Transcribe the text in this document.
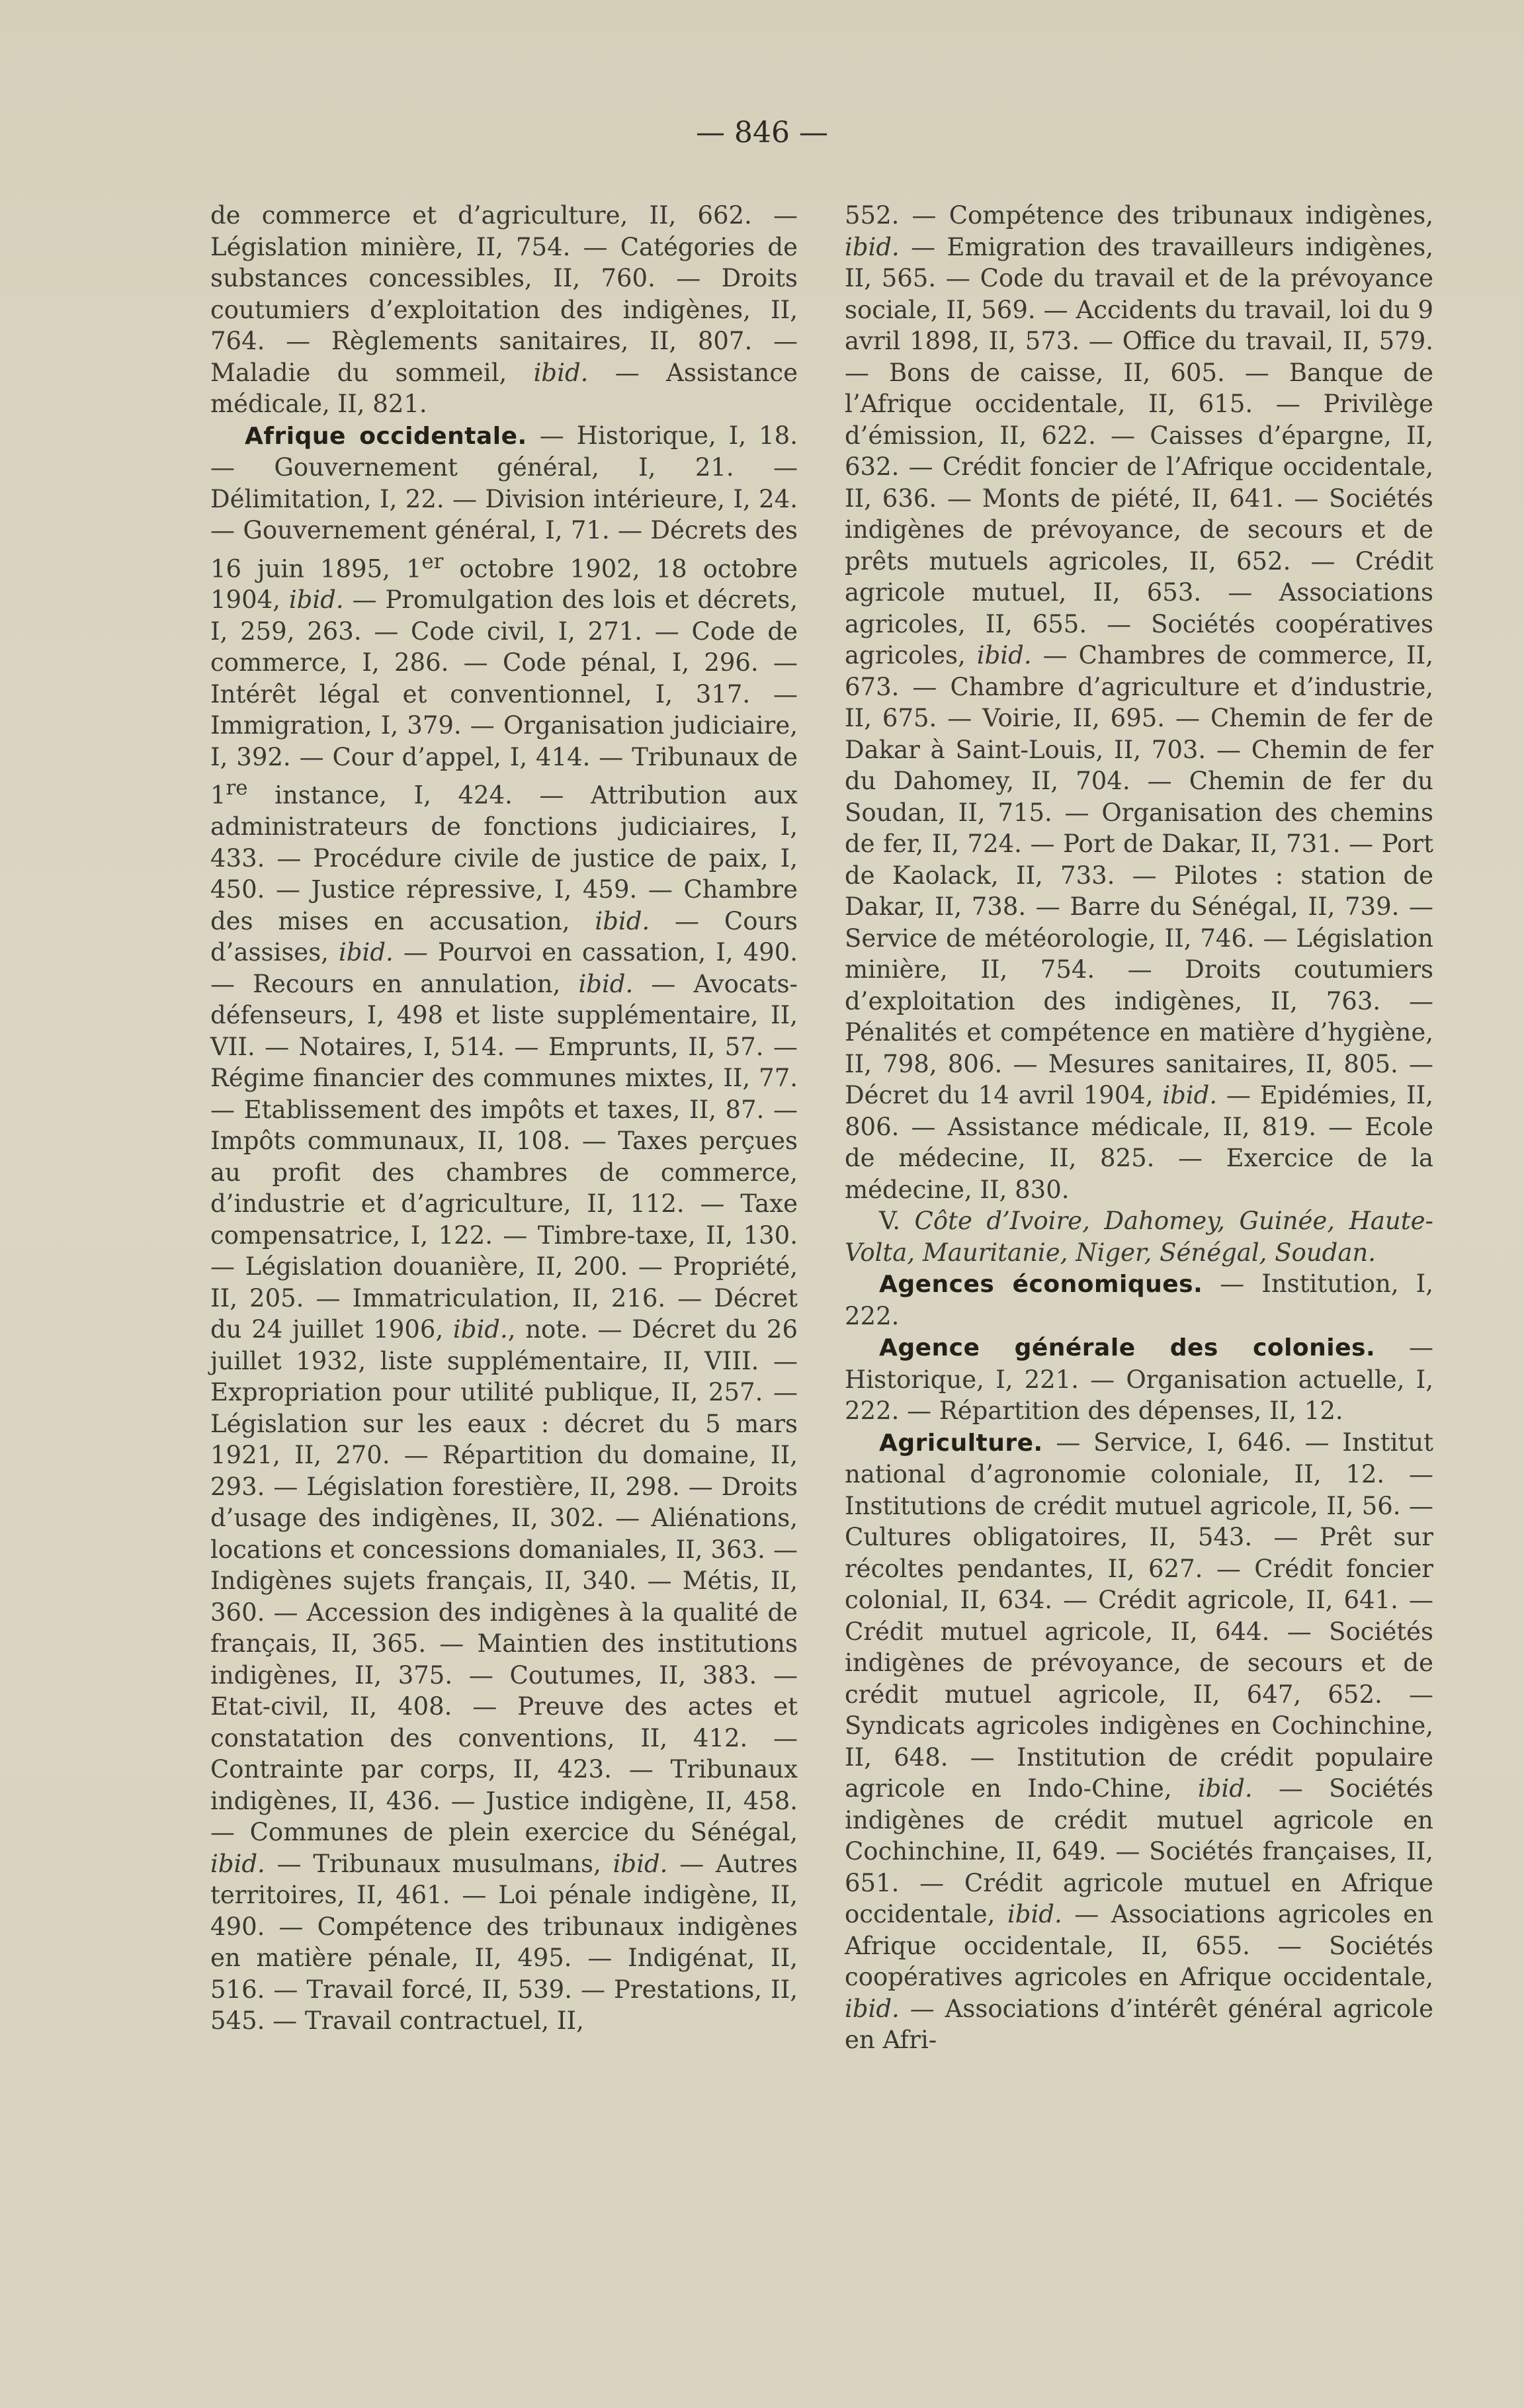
— 846 —

de commerce et d’agriculture, II, 662. — Législation minière, II, 754. — Catégories de substances concessibles, II, 760. — Droits coutumiers d’exploitation des indigènes, II, 764. — Règlements sanitaires, II, 807. — Maladie du sommeil, ibid. — Assistance médicale, II, 821.

Afrique occidentale. — Historique, I, 18. — Gouvernement général, I, 21. — Délimitation, I, 22. — Division intérieure, I, 24. — Gouvernement général, I, 71. — Décrets des 16 juin 1895, 1er octobre 1902, 18 octobre 1904, ibid. — Promulgation des lois et décrets, I, 259, 263. — Code civil, I, 271. — Code de commerce, I, 286. — Code pénal, I, 296. — Intérêt légal et conventionnel, I, 317. — Immigration, I, 379. — Organisation judiciaire, I, 392. — Cour d’appel, I, 414. — Tribunaux de 1re instance, I, 424. — Attribution aux administrateurs de fonctions judiciaires, I, 433. — Procédure civile de justice de paix, I, 450. — Justice répressive, I, 459. — Chambre des mises en accusation, ibid. — Cours d’assises, ibid. — Pourvoi en cassation, I, 490. — Recours en annulation, ibid. — Avocats-défenseurs, I, 498 et liste supplémentaire, II, VII. — Notaires, I, 514. — Emprunts, II, 57. — Régime financier des communes mixtes, II, 77. — Etablissement des impôts et taxes, II, 87. — Impôts communaux, II, 108. — Taxes perçues au profit des chambres de commerce, d’industrie et d’agriculture, II, 112. — Taxe compensatrice, I, 122. — Timbre-taxe, II, 130. — Législation douanière, II, 200. — Propriété, II, 205. — Immatriculation, II, 216. — Décret du 24 juillet 1906, ibid., note. — Décret du 26 juillet 1932, liste supplémentaire, II, VIII. — Expropriation pour utilité publique, II, 257. — Législation sur les eaux : décret du 5 mars 1921, II, 270. — Répartition du domaine, II, 293. — Législation forestière, II, 298. — Droits d’usage des indigènes, II, 302. — Aliénations, locations et concessions domaniales, II, 363. — Indigènes sujets français, II, 340. — Métis, II, 360. — Accession des indigènes à la qualité de français, II, 365. — Maintien des institutions indigènes, II, 375. — Coutumes, II, 383. — Etat-civil, II, 408. — Preuve des actes et constatation des conventions, II, 412. — Contrainte par corps, II, 423. — Tribunaux indigènes, II, 436. — Justice indigène, II, 458. — Communes de plein exercice du Sénégal, ibid. — Tribunaux musulmans, ibid. — Autres territoires, II, 461. — Loi pénale indigène, II, 490. — Compétence des tribunaux indigènes en matière pénale, II, 495. — Indigénat, II, 516. — Travail forcé, II, 539. — Prestations, II, 545. — Travail contractuel, II,

552. — Compétence des tribunaux indigènes, ibid. — Emigration des travailleurs indigènes, II, 565. — Code du travail et de la prévoyance sociale, II, 569. — Accidents du travail, loi du 9 avril 1898, II, 573. — Office du travail, II, 579. — Bons de caisse, II, 605. — Banque de l’Afrique occidentale, II, 615. — Privilège d’émission, II, 622. — Caisses d’épargne, II, 632. — Crédit foncier de l’Afrique occidentale, II, 636. — Monts de piété, II, 641. — Sociétés indigènes de prévoyance, de secours et de prêts mutuels agricoles, II, 652. — Crédit agricole mutuel, II, 653. — Associations agricoles, II, 655. — Sociétés coopératives agricoles, ibid. — Chambres de commerce, II, 673. — Chambre d’agriculture et d’industrie, II, 675. — Voirie, II, 695. — Chemin de fer de Dakar à Saint-Louis, II, 703. — Chemin de fer du Dahomey, II, 704. — Chemin de fer du Soudan, II, 715. — Organisation des chemins de fer, II, 724. — Port de Dakar, II, 731. — Port de Kaolack, II, 733. — Pilotes : station de Dakar, II, 738. — Barre du Sénégal, II, 739. — Service de météorologie, II, 746. — Législation minière, II, 754. — Droits coutumiers d’exploitation des indigènes, II, 763. — Pénalités et compétence en matière d’hygiène, II, 798, 806. — Mesures sanitaires, II, 805. — Décret du 14 avril 1904, ibid. — Epidémies, II, 806. — Assistance médicale, II, 819. — Ecole de médecine, II, 825. — Exercice de la médecine, II, 830.

V. Côte d’Ivoire, Dahomey, Guinée, Haute-Volta, Mauritanie, Niger, Sénégal, Soudan.

Agences économiques. — Institution, I, 222.

Agence générale des colonies. — Historique, I, 221. — Organisation actuelle, I, 222. — Répartition des dépenses, II, 12.

Agriculture. — Service, I, 646. — Institut national d’agronomie coloniale, II, 12. — Institutions de crédit mutuel agricole, II, 56. — Cultures obligatoires, II, 543. — Prêt sur récoltes pendantes, II, 627. — Crédit foncier colonial, II, 634. — Crédit agricole, II, 641. — Crédit mutuel agricole, II, 644. — Sociétés indigènes de prévoyance, de secours et de crédit mutuel agricole, II, 647, 652. — Syndicats agricoles indigènes en Cochinchine, II, 648. — Institution de crédit populaire agricole en Indo-Chine, ibid. — Sociétés indigènes de crédit mutuel agricole en Cochinchine, II, 649. — Sociétés françaises, II, 651. — Crédit agricole mutuel en Afrique occidentale, ibid. — Associations agricoles en Afrique occidentale, II, 655. — Sociétés coopératives agricoles en Afrique occidentale, ibid. — Associations d’intérêt général agricole en Afri-
